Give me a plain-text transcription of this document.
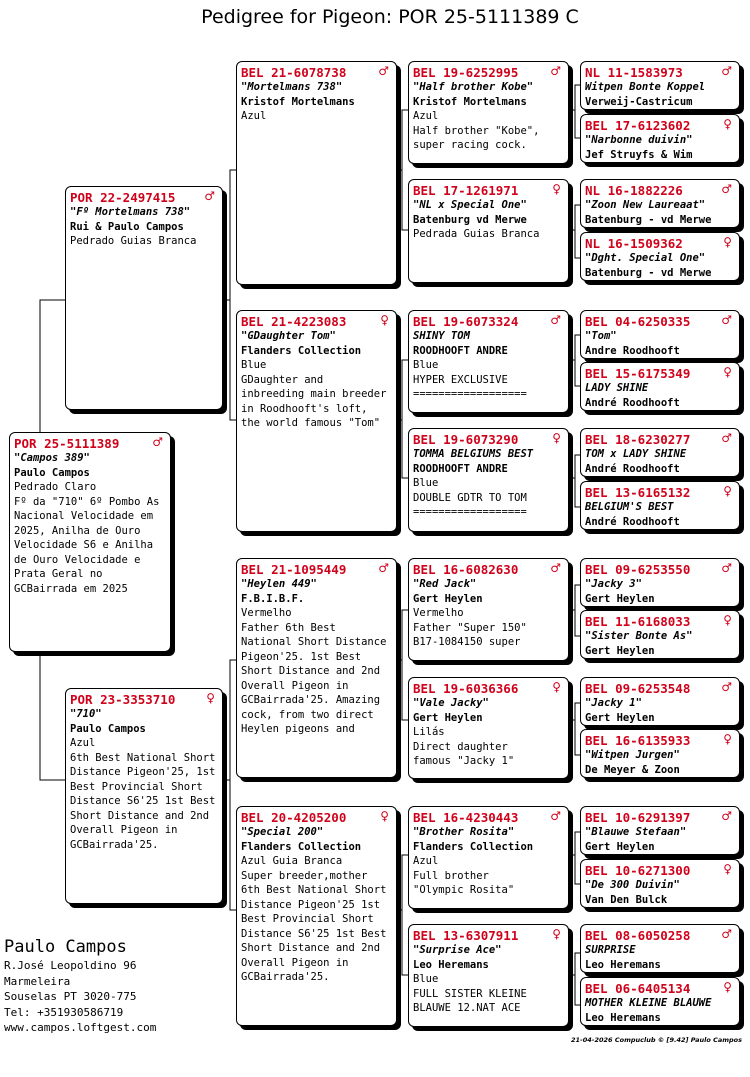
Pedigree for Pigeon: POR 25-5111389 C
POR 25-5111389	♂
"Campos 389"
Paulo Campos
Pedrado Claro
Fº da "710" 6º Pombo As Nacional Velocidade em 2025, Anilha de Ouro Velocidade S6 e Anilha de Ouro Velocidade e Prata Geral no GCBairrada em 2025
POR 22-2497415	♂
"Fº Mortelmans 738"
Rui & Paulo Campos
Pedrado Guias Branca
POR 23-3353710	♀
"710"
Paulo Campos
Azul
6th Best National Short Distance Pigeon'25, 1st Best Provincial Short Distance S6'25 1st Best Short Distance and 2nd Overall Pigeon in GCBairrada'25.
BEL 21-6078738	♂
"Mortelmans 738"
Kristof Mortelmans
Azul
BEL 21-4223083	♀
"GDaughter Tom"
Flanders Collection
Blue
GDaughter and inbreeding main breeder in Roodhooft's loft, the world famous "Tom"
BEL 21-1095449	♂
"Heylen 449"
F.B.I.B.F.
Vermelho
Father 6th Best National Short Distance Pigeon'25. 1st Best Short Distance and 2nd Overall Pigeon in GCBairrada'25. Amazing cock, from two direct Heylen pigeons and
BEL 20-4205200	♀
"Special 200"
Flanders Collection
Azul Guia Branca
Super breeder,mother 6th Best National Short Distance Pigeon'25 1st Best Provincial Short Distance S6'25 1st Best Short Distance and 2nd Overall Pigeon in GCBairrada'25.
BEL 19-6252995	♂
"Half brother Kobe"
Kristof Mortelmans
Azul
Half brother "Kobe", super racing cock.
BEL 17-1261971	♀
"NL x Special One"
Batenburg vd Merwe
Pedrada Guias Branca
BEL 19-6073324	♂
SHINY TOM
ROODHOOFT ANDRE
Blue
HYPER EXCLUSIVE
==================
BEL 19-6073290	♀
TOMMA BELGIUMS BEST
ROODHOOFT ANDRE
Blue
DOUBLE GDTR TO TOM
==================
BEL 16-6082630	♂
"Red Jack"
Gert Heylen
Vermelho
Father "Super 150"
B17-1084150 super
BEL 19-6036366	♀
"Vale Jacky"
Gert Heylen
Lilás
Direct daughter
famous "Jacky 1"
BEL 16-4230443	♂
"Brother Rosita"
Flanders Collection
Azul
Full brother
"Olympic Rosita"
BEL 13-6307911	♀
"Surprise Ace"
Leo Heremans
Blue
FULL SISTER KLEINE
BLAUWE 12.NAT ACE
NL 11-1583973	♂
Witpen Bonte Koppel
Verweij-Castricum
BEL 17-6123602	♀
"Narbonne duivin"
Jef Struyfs & Wim
NL 16-1882226	♂
"Zoon New Laureaat"
Batenburg - vd Merwe
NL 16-1509362	♀
"Dght. Special One"
Batenburg - vd Merwe
BEL 04-6250335	♂
"Tom"
Andre Roodhooft
BEL 15-6175349	♀
LADY SHINE
André Roodhooft
BEL 18-6230277	♂
TOM x LADY SHINE
André Roodhooft
BEL 13-6165132	♀
BELGIUM'S BEST
André Roodhooft
BEL 09-6253550	♂
"Jacky 3"
Gert Heylen
BEL 11-6168033	♀
"Sister Bonte As"
Gert Heylen
BEL 09-6253548	♂
"Jacky 1"
Gert Heylen
BEL 16-6135933	♀
"Witpen Jurgen"
De Meyer & Zoon
BEL 10-6291397	♂
"Blauwe Stefaan"
Gert Heylen
BEL 10-6271300	♀
"De 300 Duivin"
Van Den Bulck
BEL 08-6050258	♂
SURPRISE
Leo Heremans
BEL 06-6405134	♀
MOTHER KLEINE BLAUWE
Leo Heremans
Paulo Campos
R.José Leopoldino 96
Marmeleira
Souselas PT 3020-775
Tel: +351930586719
www.campos.loftgest.com
21-04-2026 Compuclub © [9.42] Paulo Campos
